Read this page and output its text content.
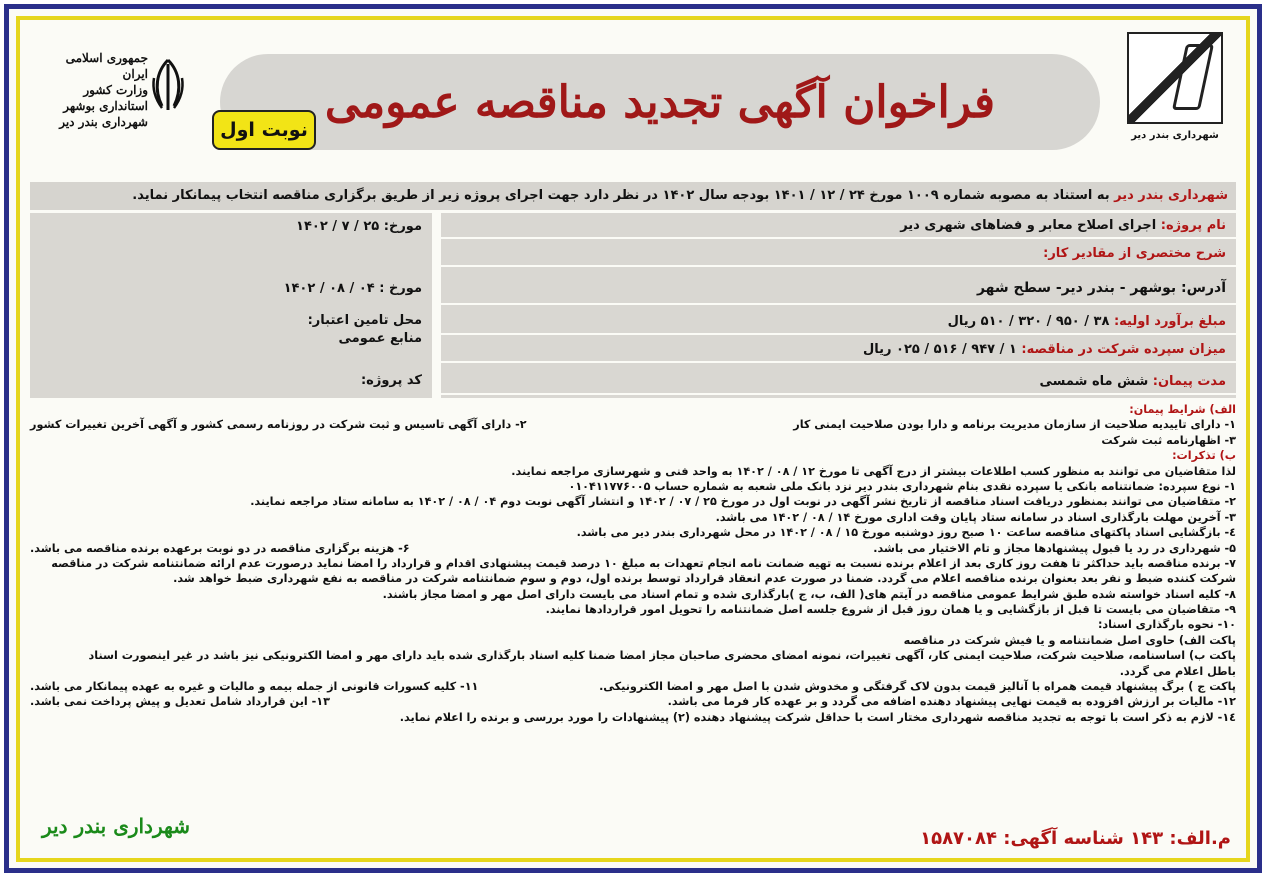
شهرداری بندر دیر
فراخوان آگهی تجدید مناقصه عمومی
نوبت اول
جمهوری اسلامی ایران
وزارت کشور
استانداری بوشهر
شهرداری بندر دیر
شهرداری بندر دیر به استناد به مصوبه شماره ۱۰۰۹ مورخ ۲۴ / ۱۲ / ۱۴۰۱ بودجه سال ۱۴۰۲ در نظر دارد جهت اجرای پروژه زیر از طریق برگزاری مناقصه انتخاب پیمانکار نماید.
نام پروژه: اجرای اصلاح معابر و فضاهای شهری دیر
شرح مختصری از مقادیر کار:
آدرس: بوشهر - بندر دیر- سطح شهر
مبلغ برآورد اولیه: ۳۸ / ۹۵۰ / ۳۲۰ / ۵۱۰ ریال
میزان سپرده شرکت در مناقصه: ۱ / ۹۴۷ / ۵۱۶ / ۰۲۵ ریال
مدت پیمان: شش ماه شمسی
مورخ: ۲۵ / ۷ / ۱۴۰۲
مورخ : ۰۴ / ۰۸ / ۱۴۰۲
محل تامین اعتبار:
منابع عمومی
کد پروژه:
الف) شرایط پیمان:
۱- دارای تاییدیه صلاحیت از سازمان مدیریت برنامه و دارا بودن صلاحیت ایمنی کار
۲- دارای آگهی تاسیس و ثبت شرکت در روزنامه رسمی کشور و آگهی آخرین تغییرات کشور
۳- اظهارنامه ثبت شرکت
ب) تذکرات:
لذا متقاضیان می توانند به منظور کسب اطلاعات بیشتر از درج آگهی تا مورخ ۱۲ / ۰۸ / ۱۴۰۲ به واحد فنی و شهرسازی مراجعه نمایند.
۱- نوع سپرده: ضمانتنامه بانکی یا سپرده نقدی بنام شهرداری بندر دیر نزد بانک ملی شعبه به شماره حساب ۰۱۰۴۱۱۷۷۶۰۰۵
۲- متقاضیان می توانند بمنظور دریافت اسناد مناقصه از تاریخ نشر آگهی در نوبت اول در مورخ ۲۵ / ۰۷ / ۱۴۰۲ و انتشار آگهی نوبت دوم ۰۴ / ۰۸ / ۱۴۰۲ به سامانه ستاد مراجعه نمایند.
۳- آخرین مهلت بارگذاری اسناد در سامانه ستاد پایان وقت اداری مورخ ۱۴ / ۰۸ / ۱۴۰۲ می باشد.
٤- بازگشایی اسناد پاکتهای مناقصه ساعت ۱۰ صبح روز دوشنبه مورخ ۱۵ / ۰۸ / ۱۴۰۲ در محل شهرداری بندر دیر می باشد.
۵- شهرداری در رد یا قبول پیشنهادها مجاز و تام الاختیار می باشد.
۶- هزینه برگزاری مناقصه در دو نوبت برعهده برنده مناقصه می باشد.
۷- برنده مناقصه باید حداکثر تا هفت روز کاری بعد از اعلام برنده نسبت به تهیه ضمانت نامه انجام تعهدات به مبلغ ۱۰ درصد قیمت پیشنهادی اقدام و قرارداد را امضا نماید درصورت عدم ارائه ضمانتنامه شرکت در مناقصه
شرکت کننده ضبط و نفر بعد بعنوان برنده مناقصه اعلام می گردد. ضمنا در صورت عدم انعقاد قرارداد توسط برنده اول، دوم و سوم ضمانتنامه شرکت در مناقصه به نفع شهرداری ضبط خواهد شد.
۸- کلیه اسناد خواسته شده طبق شرایط عمومی مناقصه در آیتم های( الف، ب، ج )بارگذاری شده و تمام اسناد می بایست دارای اصل مهر و امضا مجاز باشند.
۹- متقاضیان می بایست تا قبل از بازگشایی و یا همان روز قبل از شروع جلسه اصل ضمانتنامه را تحویل امور قراردادها نمایند.
۱۰- نحوه بارگذاری اسناد:
پاکت الف) حاوی اصل ضمانتنامه و یا فیش شرکت در مناقصه
پاکت ب) اساسنامه، صلاحیت شرکت، صلاحیت ایمنی کار، آگهی تغییرات، نمونه امضای محضری صاحبان مجاز امضا ضمنا کلیه اسناد بارگذاری شده باید دارای مهر و امضا الکترونیکی نیز باشد در غیر اینصورت اسناد
باطل اعلام می گردد.
پاکت ج ) برگ پیشنهاد قیمت همراه با آنالیز قیمت بدون لاک گرفتگی و مخدوش شدن با اصل مهر و امضا الکترونیکی.
۱۱- کلیه کسورات قانونی از جمله بیمه و مالیات و غیره به عهده پیمانکار می باشد.
۱۲- مالیات بر ارزش افزوده به قیمت نهایی پیشنهاد دهنده اضافه می گردد و بر عهده کار فرما می باشد.
۱۳- این قرارداد شامل تعدیل و پیش پرداخت نمی باشد.
۱٤- لازم به ذکر است با توجه به تجدید مناقصه شهرداری مختار است با حداقل شرکت پیشنهاد دهنده (۲) پیشنهادات را مورد بررسی و برنده را اعلام نماید.
شهرداری بندر دیر
م.الف: ۱۴۳ شناسه آگهی: ۱۵۸۷۰۸۴
